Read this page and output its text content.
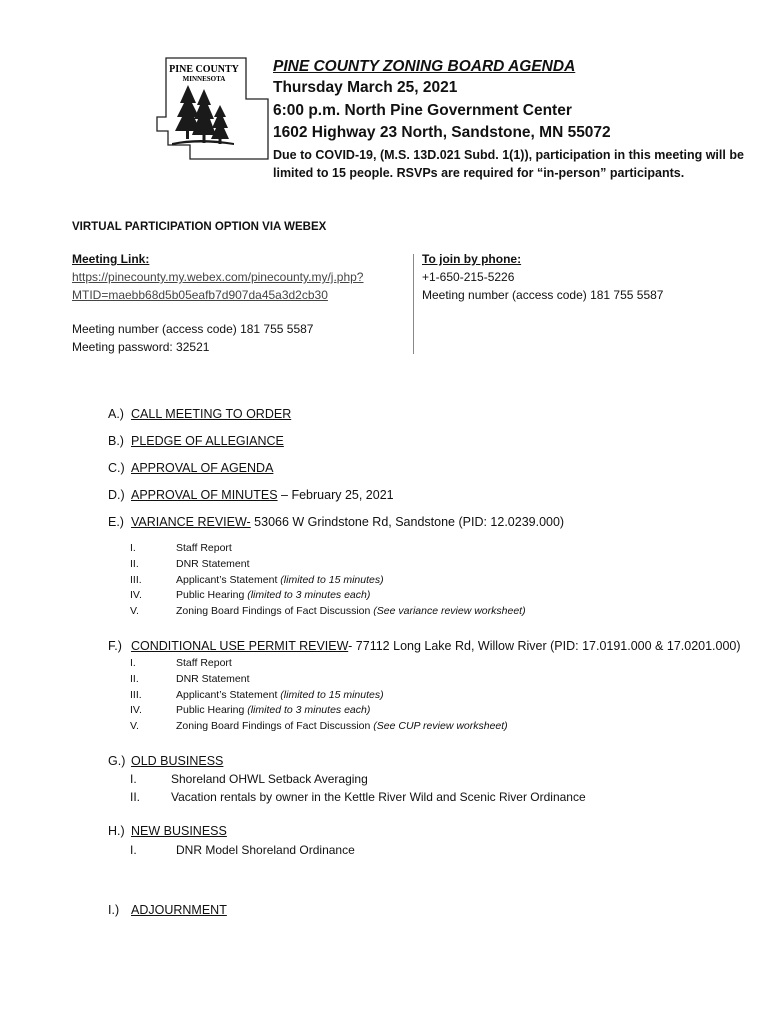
PINE COUNTY
MINNESOTA
PINE COUNTY ZONING BOARD AGENDA
Thursday March 25, 2021
6:00 p.m. North Pine Government Center
1602 Highway 23 North, Sandstone, MN 55072
Due to COVID-19, (M.S. 13D.021 Subd. 1(1)), participation in this meeting will be limited to 15 people. RSVPs are required for “in-person” participants.
VIRTUAL PARTICIPATION OPTION VIA WEBEX
Meeting Link:
https://pinecounty.my.webex.com/pinecounty.my/j.php?
MTID=maebb68d5b05eafb7d907da45a3d2cb30
Meeting number (access code) 181 755 5587
Meeting password: 32521
To join by phone:
+1-650-215-5226
Meeting number (access code) 181 755 5587
A.) CALL MEETING TO ORDER
B.) PLEDGE OF ALLEGIANCE
C.) APPROVAL OF AGENDA
D.) APPROVAL OF MINUTES – February 25, 2021
E.) VARIANCE REVIEW- 53066 W Grindstone Rd, Sandstone (PID: 12.0239.000)
I.	Staff Report
II.	DNR Statement
III.	Applicant’s Statement (limited to 15 minutes)
IV.	Public Hearing (limited to 3 minutes each)
V.	Zoning Board Findings of Fact Discussion (See variance review worksheet)
F.) CONDITIONAL USE PERMIT REVIEW- 77112 Long Lake Rd, Willow River (PID: 17.0191.000 & 17.0201.000)
I.	Staff Report
II.	DNR Statement
III.	Applicant’s Statement (limited to 15 minutes)
IV.	Public Hearing (limited to 3 minutes each)
V.	Zoning Board Findings of Fact Discussion (See CUP review worksheet)
G.) OLD BUSINESS
I.	Shoreland OHWL Setback Averaging
II.	Vacation rentals by owner in the Kettle River Wild and Scenic River Ordinance
H.) NEW BUSINESS
I.	DNR Model Shoreland Ordinance
I.) ADJOURNMENT
